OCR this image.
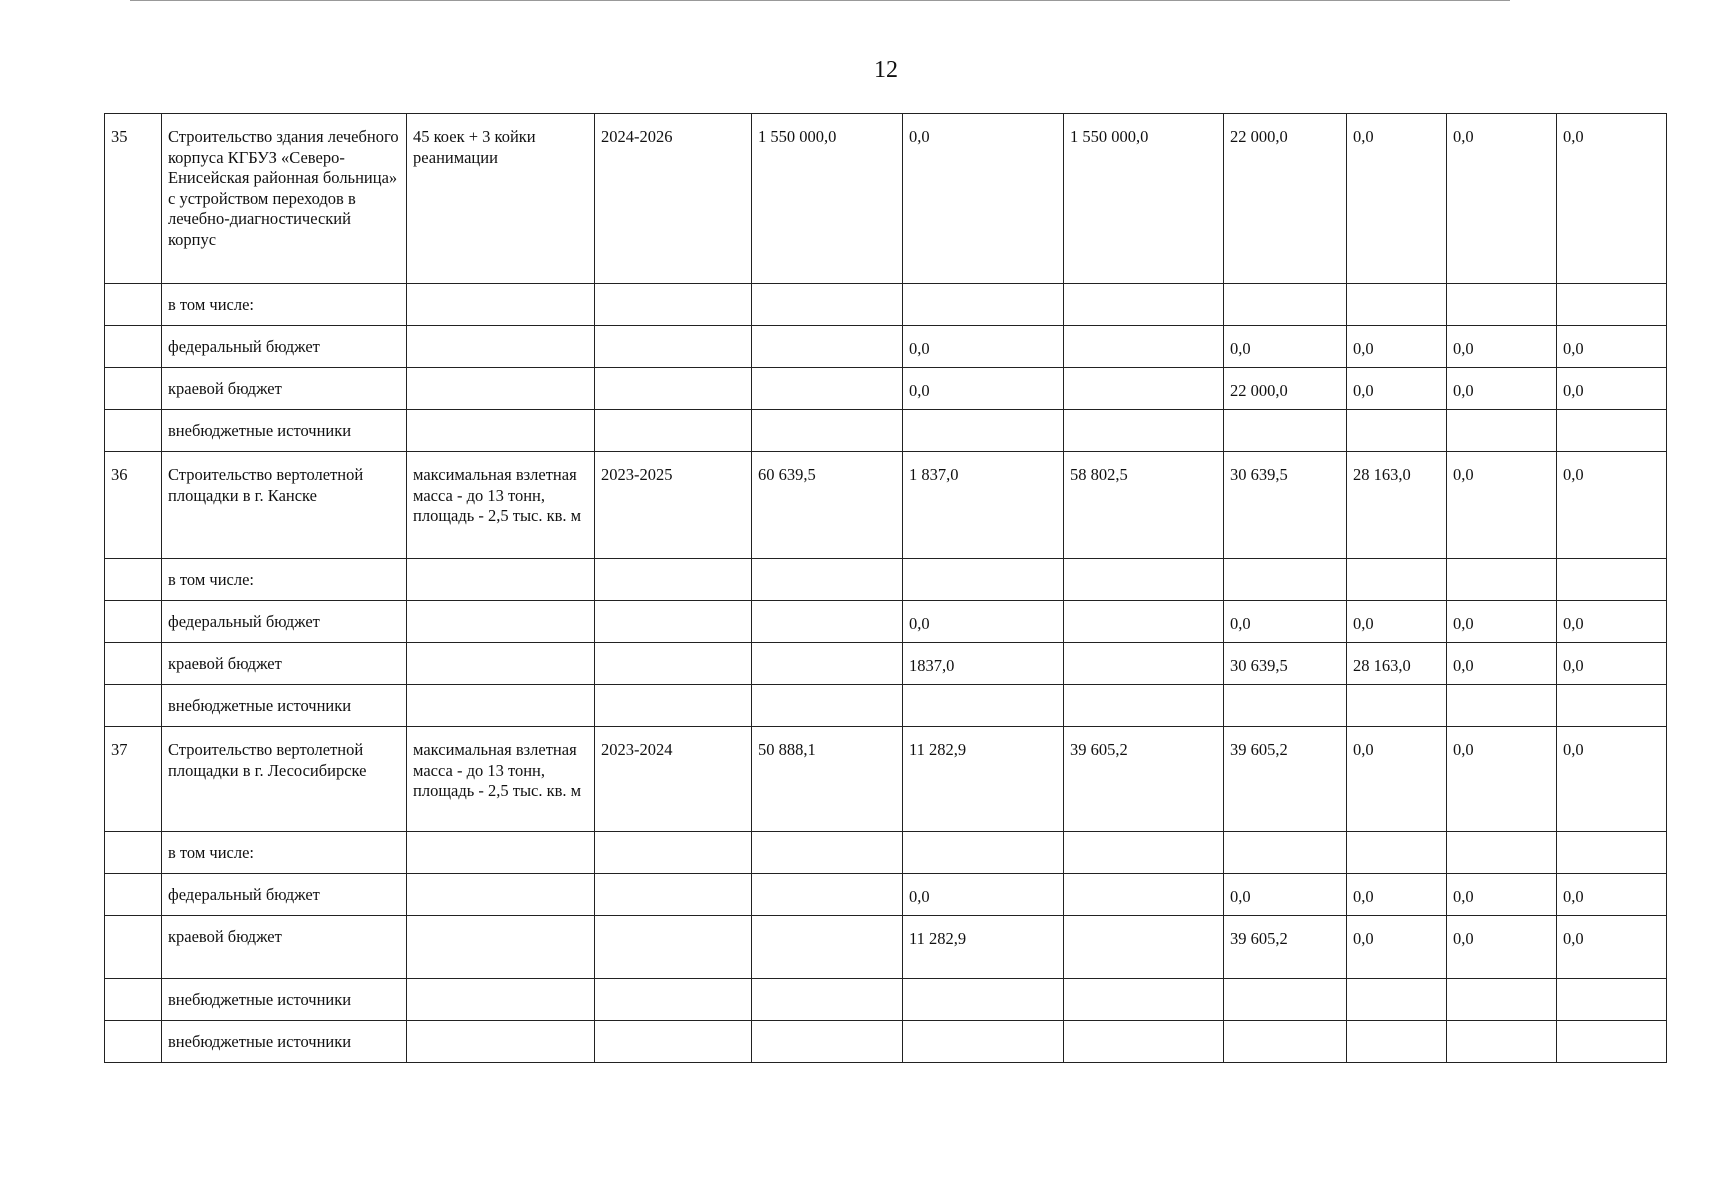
12
35	Строительство здания лечебного корпуса КГБУЗ «Северо-Енисейская районная больница» с устройством переходов в лечебно-диагностический корпус	45 коек + 3 койки реанимации	2024-2026	1 550 000,0	0,0	1 550 000,0	22 000,0	0,0	0,0	0,0
	в том числе:									
	федеральный бюджет				0,0		0,0	0,0	0,0	0,0
	краевой бюджет				0,0		22 000,0	0,0	0,0	0,0
	внебюджетные источники									
36	Строительство вертолетной площадки в г. Канске	максимальная взлетная масса - до 13 тонн, площадь - 2,5 тыс. кв. м	2023-2025	60 639,5	1 837,0	58 802,5	30 639,5	28 163,0	0,0	0,0
	в том числе:									
	федеральный бюджет				0,0		0,0	0,0	0,0	0,0
	краевой бюджет				1837,0		30 639,5	28 163,0	0,0	0,0
	внебюджетные источники									
37	Строительство вертолетной площадки в г. Лесосибирске	максимальная взлетная масса - до 13 тонн, площадь - 2,5 тыс. кв. м	2023-2024	50 888,1	11 282,9	39 605,2	39 605,2	0,0	0,0	0,0
	в том числе:									
	федеральный бюджет				0,0		0,0	0,0	0,0	0,0
	краевой бюджет				11 282,9		39 605,2	0,0	0,0	0,0
	внебюджетные источники									
	внебюджетные источники									
